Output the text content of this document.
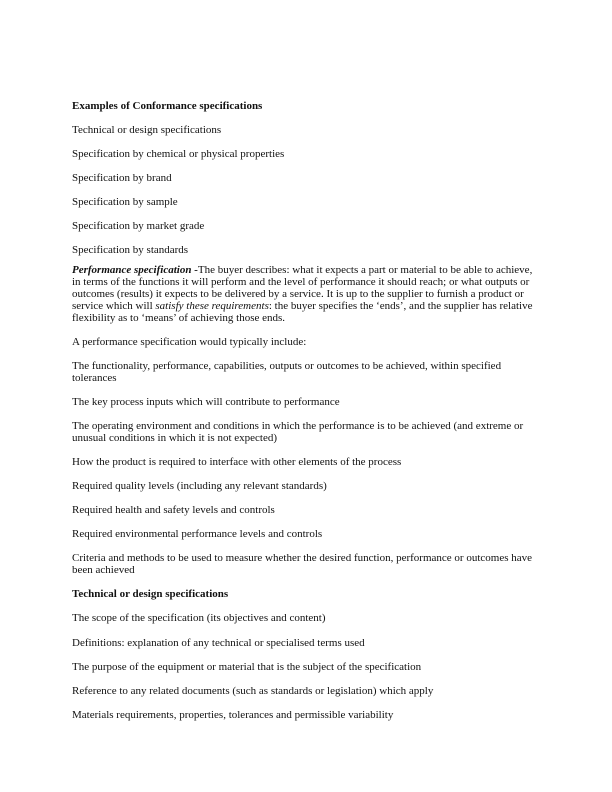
Examples of Conformance specifications
Technical or design specifications
Specification by chemical or physical properties
Specification by brand
Specification by sample
Specification by market grade
Specification by standards
Performance specification -The buyer describes: what it expects a part or material to be able to achieve, in terms of the functions it will perform and the level of performance it should reach; or what outputs or outcomes (results) it expects to be delivered by a service. It is up to the supplier to furnish a product or service which will satisfy these requirements: the buyer specifies the ‘ends’, and the supplier has relative flexibility as to ‘means’ of achieving those ends.
A performance specification would typically include:
The functionality, performance, capabilities, outputs or outcomes to be achieved, within specified tolerances
The key process inputs which will contribute to performance
The operating environment and conditions in which the performance is to be achieved (and extreme or unusual conditions in which it is not expected)
How the product is required to interface with other elements of the process
Required quality levels (including any relevant standards)
Required health and safety levels and controls
Required environmental performance levels and controls
Criteria and methods to be used to measure whether the desired function, performance or outcomes have been achieved
Technical or design specifications
The scope of the specification (its objectives and content)
Definitions: explanation of any technical or specialised terms used
The purpose of the equipment or material that is the subject of the specification
Reference to any related documents (such as standards or legislation) which apply
Materials requirements, properties, tolerances and permissible variability
